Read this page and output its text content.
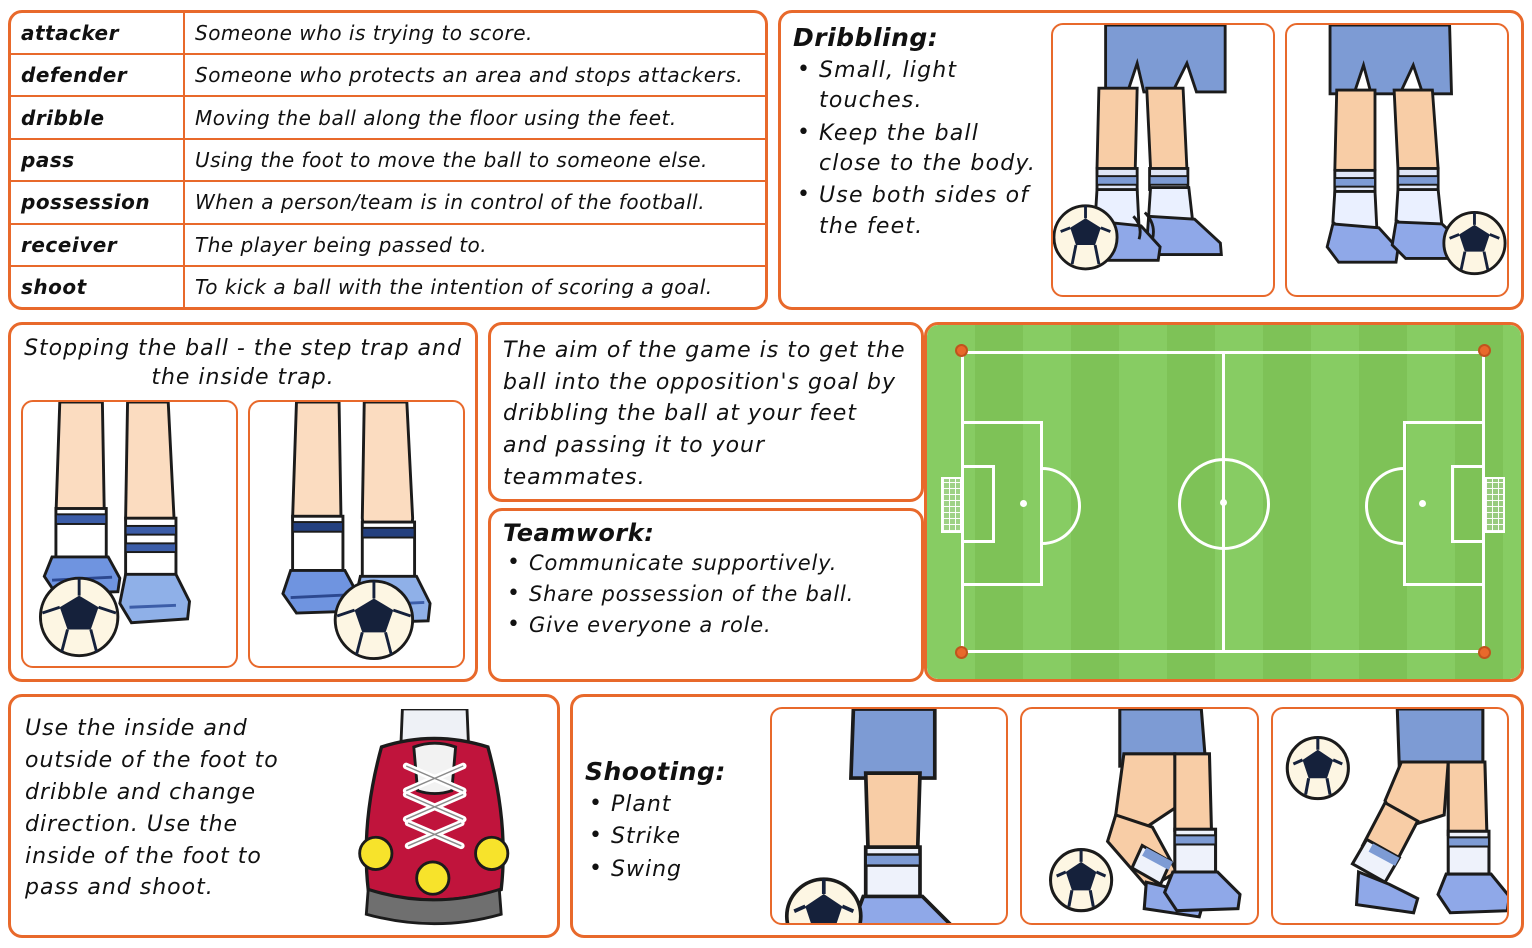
attacker	Someone who is trying to score.
defender	Someone who protects an area and stops attackers.
dribble	Moving the ball along the floor using the feet.
pass	Using the foot to move the ball to someone else.
possession	When a person/team is in control of the football.
receiver	The player being passed to.
shoot	To kick a ball with the intention of scoring a goal.
Dribbling:
• Small, light touches.
• Keep the ball close to the body.
• Use both sides of the feet.
Stopping the ball - the step trap and the inside trap.

The aim of the game is to get the ball into the opposition's goal by dribbling the ball at your feet and passing it to your teammates.

Teamwork:
• Communicate supportively.
• Share possession of the ball.
• Give everyone a role.

Use the inside and outside of the foot to dribble and change direction. Use the inside of the foot to pass and shoot.

Shooting:
• Plant
• Strike
• Swing
